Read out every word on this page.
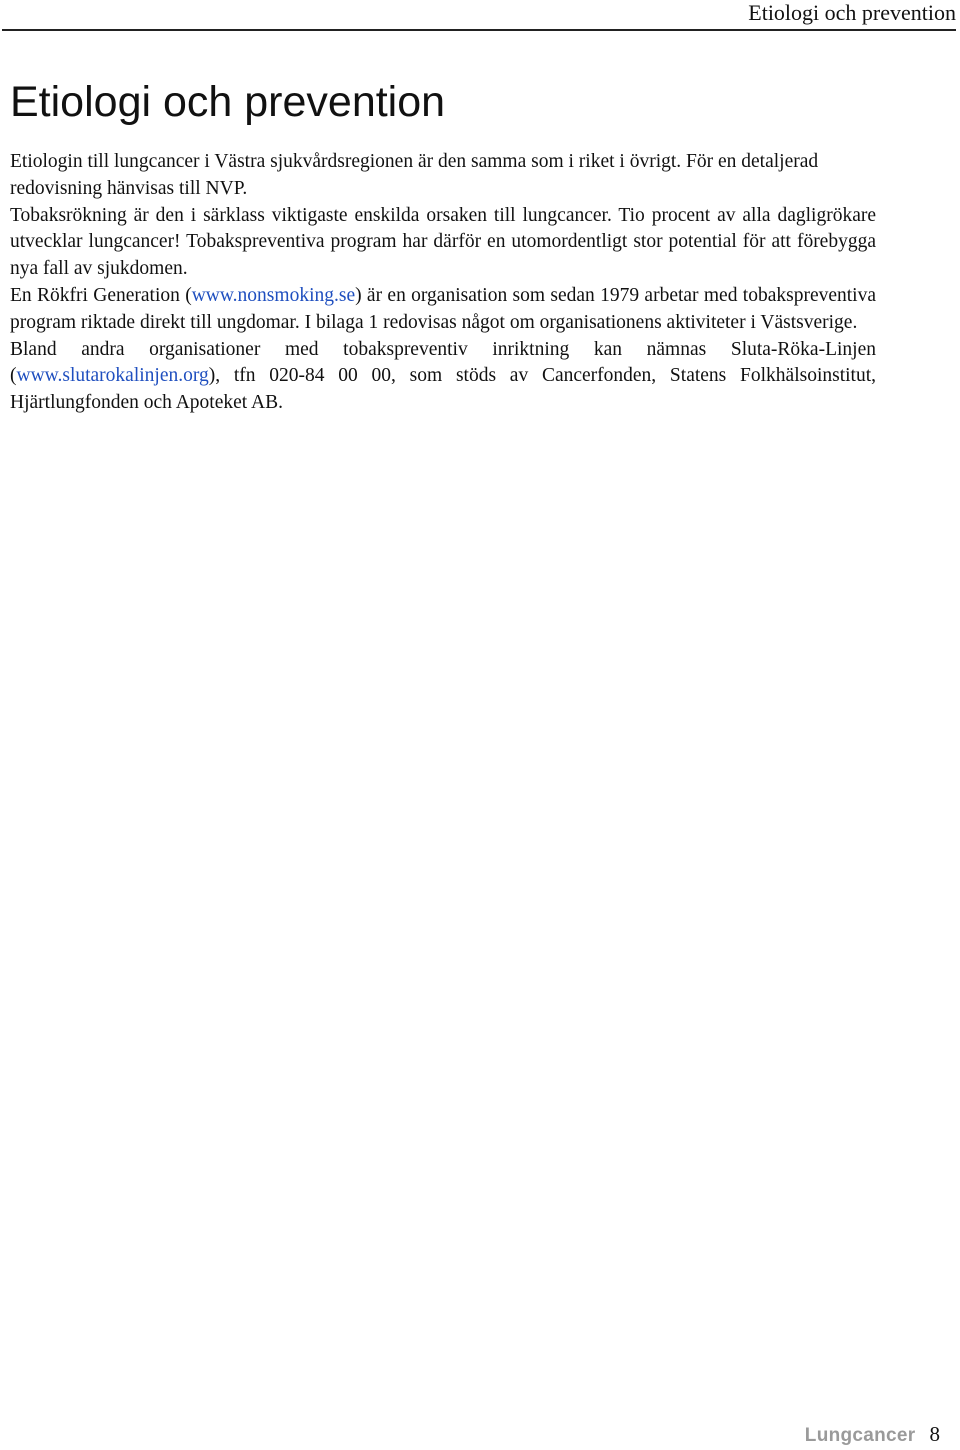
Etiologi och prevention
Etiologi och prevention

Etiologin till lungcancer i Västra sjukvårdsregionen är den samma som i riket i övrigt. För en detaljerad redovisning hänvisas till NVP.

Tobaksrökning är den i särklass viktigaste enskilda orsaken till lungcancer. Tio procent av alla dagligrökare utvecklar lungcancer! Tobakspreventiva program har därför en utomordentligt stor potential för att förebygga nya fall av sjukdomen.

En Rökfri Generation (www.nonsmoking.se) är en organisation som sedan 1979 arbetar med tobakspreventiva program riktade direkt till ungdomar. I bilaga 1 redovisas något om organisationens aktiviteter i Västsverige.

Bland andra organisationer med tobakspreventiv inriktning kan nämnas Sluta-Röka-Linjen (www.slutarokalinjen.org), tfn 020-84 00 00, som stöds av Cancerfonden, Statens Folkhälsoinstitut, Hjärtlungfonden och Apoteket AB.

Lungcancer 8
